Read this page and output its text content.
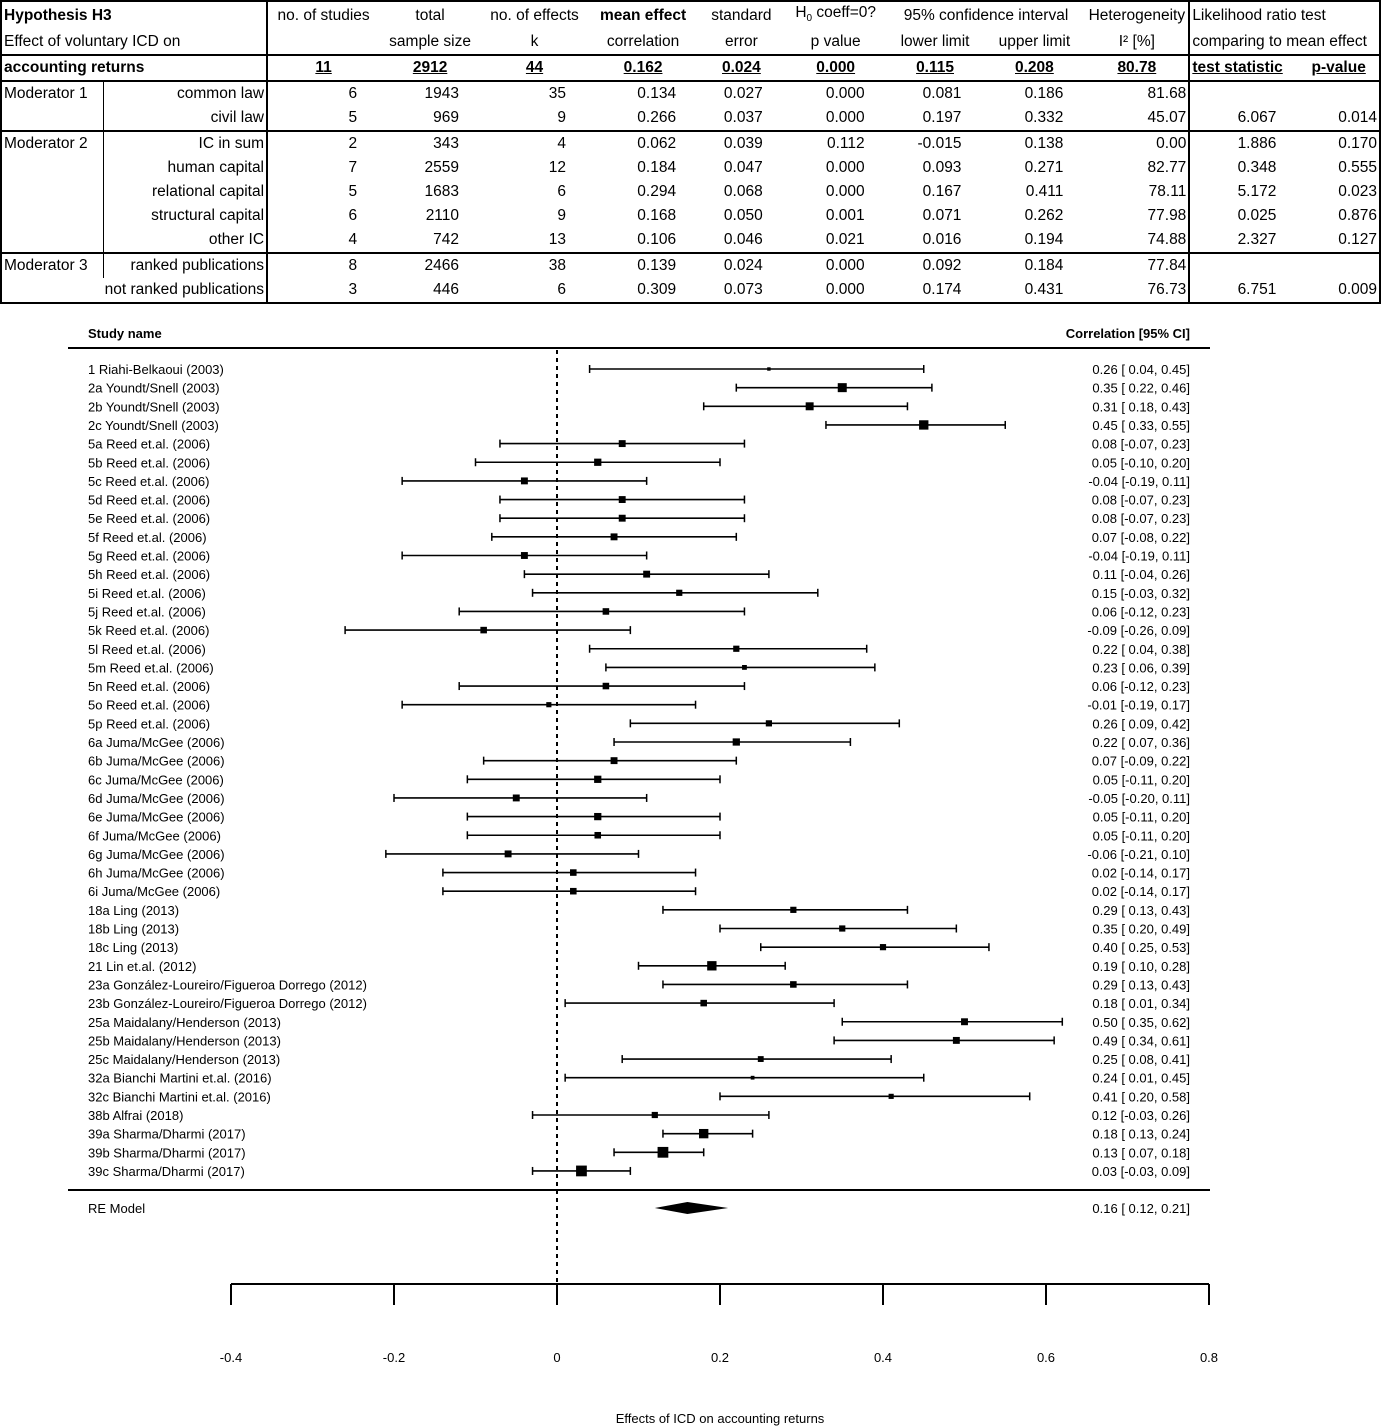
Hypothesis H3		no. of studies	total	no. of effects	mean effect	standard	$H_0$ coeff=0?	95% confidence interval		Heterogeneity	Likelihood ratio test	
Effect of voluntary ICD on			sample size	k	correlation	error	p value	lower limit	upper limit	I² [%]	comparing to mean effect	
accounting returns		11	2912	44	0.162	0.024	0.000	0.115	0.208	80.78	test statistic	p-value
Moderator 1	common law	6	1943	35	0.134	0.027	0.000	0.081	0.186	81.68		
	civil law	5	969	9	0.266	0.037	0.000	0.197	0.332	45.07	6.067	0.014
Moderator 2	IC in sum	2	343	4	0.062	0.039	0.112	-0.015	0.138	0.00	1.886	0.170
	human capital	7	2559	12	0.184	0.047	0.000	0.093	0.271	82.77	0.348	0.555
	relational capital	5	1683	6	0.294	0.068	0.000	0.167	0.411	78.11	5.172	0.023
	structural capital	6	2110	9	0.168	0.050	0.001	0.071	0.262	77.98	0.025	0.876
	other IC	4	742	13	0.106	0.046	0.021	0.016	0.194	74.88	2.327	0.127
Moderator 3	ranked publications	8	2466	38	0.139	0.024	0.000	0.092	0.184	77.84		
not ranked publications		3	446	6	0.309	0.073	0.000	0.174	0.431	76.73	6.751	0.009
Study name	Correlation [95% CI]
1 Riahi-Belkaoui (2003)	0.26 [ 0.04, 0.45]
2a Youndt/Snell (2003)	0.35 [ 0.22, 0.46]
2b Youndt/Snell (2003)	0.31 [ 0.18, 0.43]
2c Youndt/Snell (2003)	0.45 [ 0.33, 0.55]
5a Reed et.al. (2006)	0.08 [-0.07, 0.23]
5b Reed et.al. (2006)	0.05 [-0.10, 0.20]
5c Reed et.al. (2006)	-0.04 [-0.19, 0.11]
5d Reed et.al. (2006)	0.08 [-0.07, 0.23]
5e Reed et.al. (2006)	0.08 [-0.07, 0.23]
5f Reed et.al. (2006)	0.07 [-0.08, 0.22]
5g Reed et.al. (2006)	-0.04 [-0.19, 0.11]
5h Reed et.al. (2006)	0.11 [-0.04, 0.26]
5i Reed et.al. (2006)	0.15 [-0.03, 0.32]
5j Reed et.al. (2006)	0.06 [-0.12, 0.23]
5k Reed et.al. (2006)	-0.09 [-0.26, 0.09]
5l Reed et.al. (2006)	0.22 [ 0.04, 0.38]
5m Reed et.al. (2006)	0.23 [ 0.06, 0.39]
5n Reed et.al. (2006)	0.06 [-0.12, 0.23]
5o Reed et.al. (2006)	-0.01 [-0.19, 0.17]
5p Reed et.al. (2006)	0.26 [ 0.09, 0.42]
6a Juma/McGee (2006)	0.22 [ 0.07, 0.36]
6b Juma/McGee (2006)	0.07 [-0.09, 0.22]
6c Juma/McGee (2006)	0.05 [-0.11, 0.20]
6d Juma/McGee (2006)	-0.05 [-0.20, 0.11]
6e Juma/McGee (2006)	0.05 [-0.11, 0.20]
6f Juma/McGee (2006)	0.05 [-0.11, 0.20]
6g Juma/McGee (2006)	-0.06 [-0.21, 0.10]
6h Juma/McGee (2006)	0.02 [-0.14, 0.17]
6i Juma/McGee (2006)	0.02 [-0.14, 0.17]
18a Ling (2013)	0.29 [ 0.13, 0.43]
18b Ling (2013)	0.35 [ 0.20, 0.49]
18c Ling (2013)	0.40 [ 0.25, 0.53]
21 Lin et.al. (2012)	0.19 [ 0.10, 0.28]
23a González-Loureiro/Figueroa Dorrego (2012)	0.29 [ 0.13, 0.43]
23b González-Loureiro/Figueroa Dorrego (2012)	0.18 [ 0.01, 0.34]
25a Maidalany/Henderson (2013)	0.50 [ 0.35, 0.62]
25b Maidalany/Henderson (2013)	0.49 [ 0.34, 0.61]
25c Maidalany/Henderson (2013)	0.25 [ 0.08, 0.41]
32a Bianchi Martini et.al. (2016)	0.24 [ 0.01, 0.45]
32c Bianchi Martini et.al. (2016)	0.41 [ 0.20, 0.58]
38b Alfrai (2018)	0.12 [-0.03, 0.26]
39a Sharma/Dharmi (2017)	0.18 [ 0.13, 0.24]
39b Sharma/Dharmi (2017)	0.13 [ 0.07, 0.18]
39c Sharma/Dharmi (2017)	0.03 [-0.03, 0.09]
RE Model	0.16 [ 0.12, 0.21]
-0.4	-0.2	0	0.2	0.4	0.6	0.8
Effects of ICD on accounting returns
